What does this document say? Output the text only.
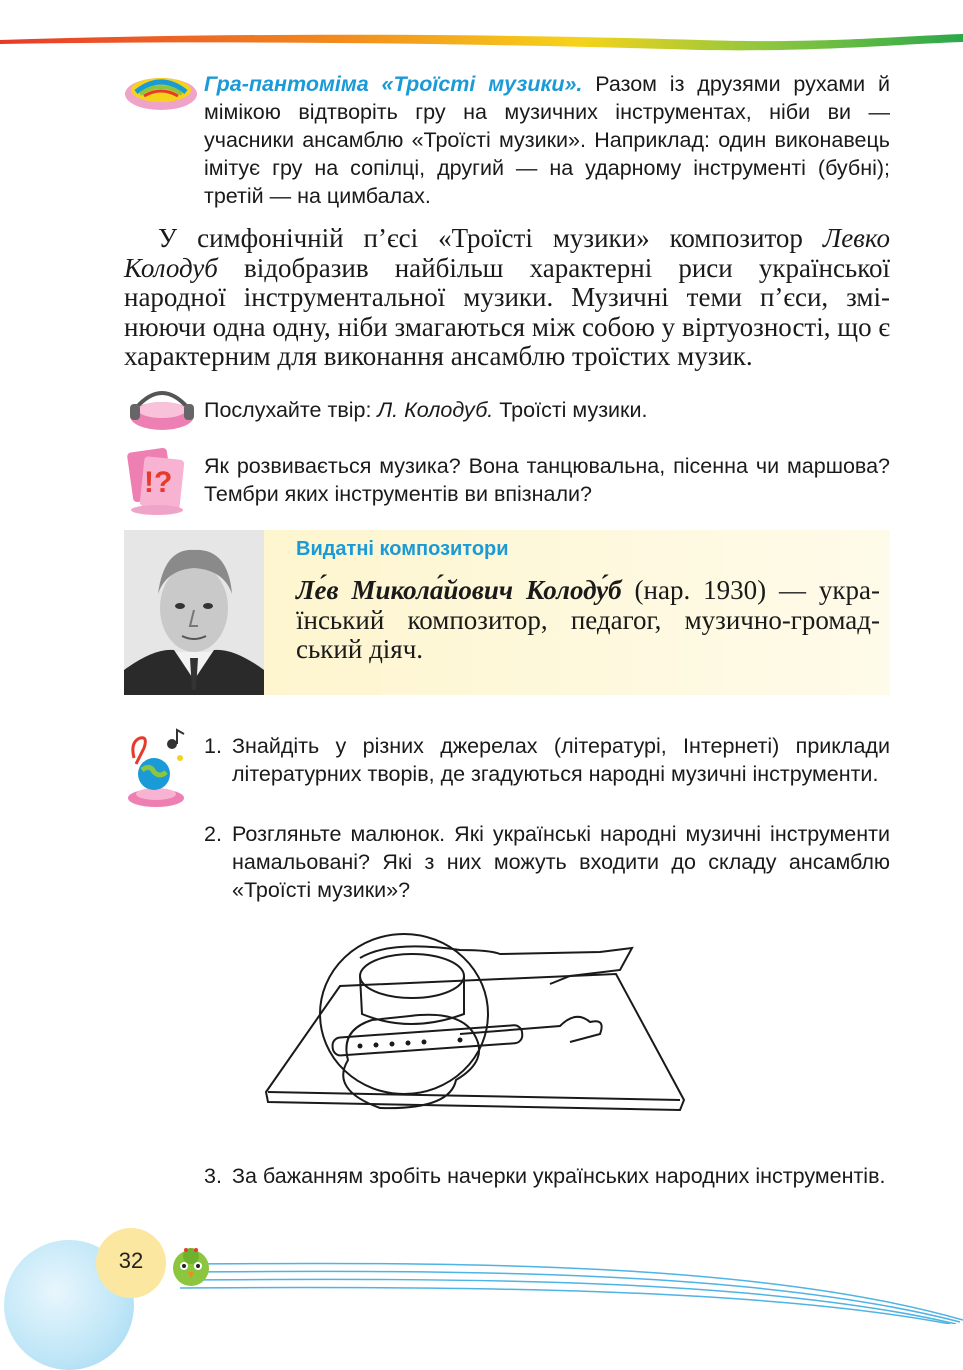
Гра-пантоміма «Троїсті музики». Разом із друзями рухами й мімікою відтворіть гру на музичних інструментах, ніби ви — учасники ансамблю «Троїсті музики». Наприклад: один виконавець імітує гру на сопілці, другий — на ударному інструменті (бубні); третій — на цимбалах.
У симфонічній п’єсі «Троїсті музики» композитор Левко Колодуб відобразив найбільш характерні риси української народної інструментальної музики. Музичні теми п’єси, змінюючи одна одну, ніби змагаються між собою у віртуозності, що є характерним для виконання ансамблю троїстих музик.
Послухайте твір: Л. Колодуб. Троїсті музики.
!? Як розвивається музика? Вона танцювальна, пісенна чи маршова? Тембри яких інструментів ви впізнали?
Видатні композитори
Ле́в Микола́йович Колоду́б (нар. 1930) — український композитор, педагог, музично-громадський діяч.
1. Знайдіть у різних джерелах (літературі, Інтернеті) приклади літературних творів, де згадуються народні музичні інструменти.
2. Розгляньте малюнок. Які українські народні музичні інструменти намальовані? Які з них можуть входити до складу ансамблю «Троїсті музики»?
3. За бажанням зробіть начерки українських народних інструментів.
32
